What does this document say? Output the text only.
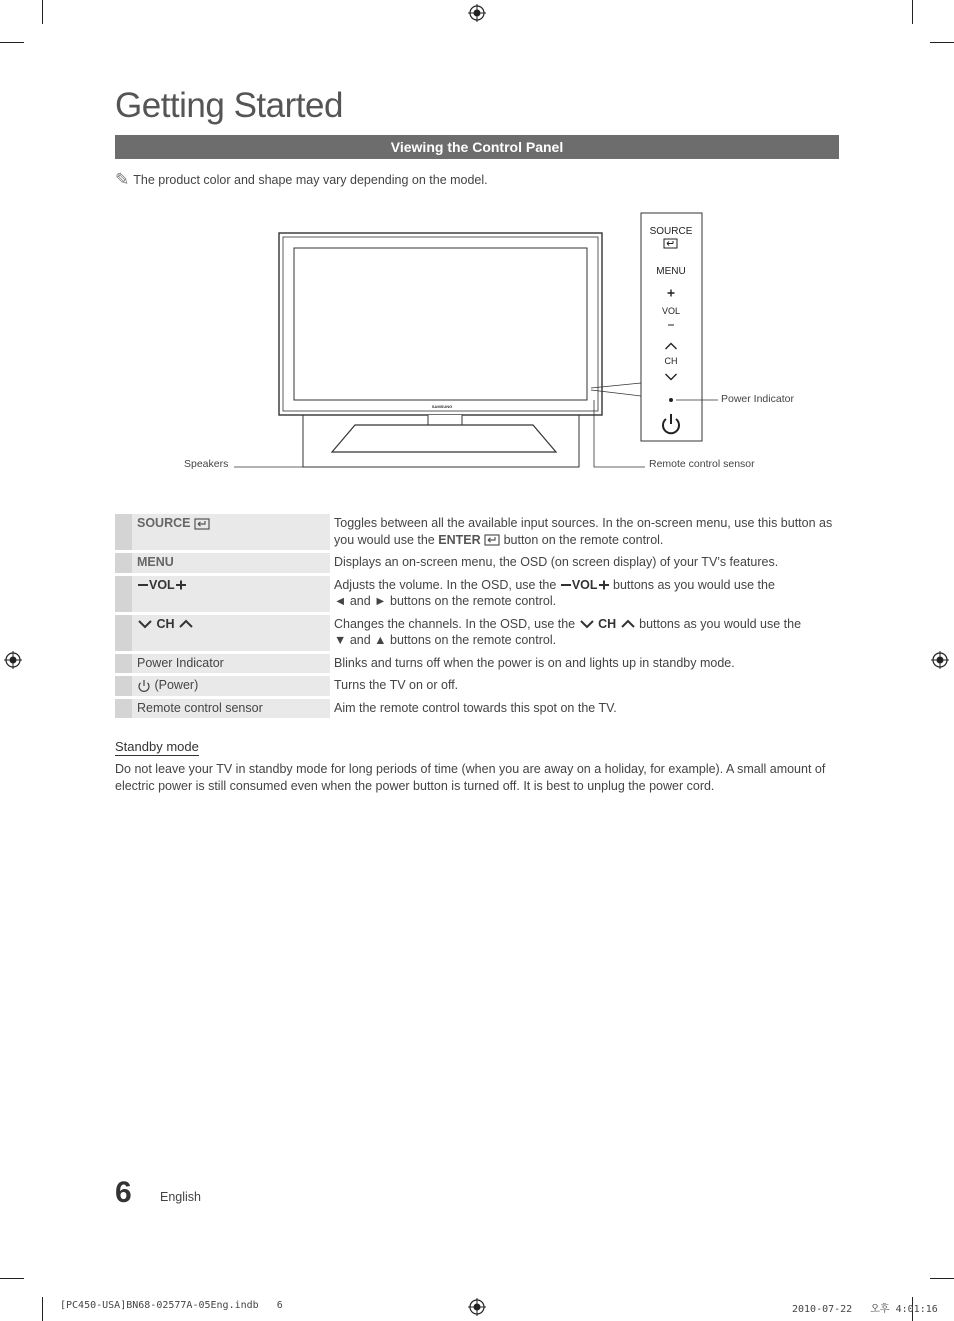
Getting Started
Viewing the Control Panel
✎ The product color and shape may vary depending on the model.
SAMSUNG
SOURCE
MENU
VOL
CH
Speakers
Power Indicator
Remote control sensor
	SOURCE	Toggles between all the available input sources. In the on-screen menu, use this button as you would use the ENTER  button on the remote control.
	MENU	Displays an on-screen menu, the OSD (on screen display) of your TV’s features.
	VOL	Adjusts the volume. In the OSD, use the VOL buttons as you would use the
◄ and ► buttons on the remote control.
	CH	Changes the channels. In the OSD, use the  CH  buttons as you would use the
▼ and ▲ buttons on the remote control.
	Power Indicator	Blinks and turns off when the power is on and lights up in standby mode.
	(Power)	Turns the TV on or off.
	Remote control sensor	Aim the remote control towards this spot on the TV.
Standby mode
Do not leave your TV in standby mode for long periods of time (when you are away on a holiday, for example). A small amount of electric power is still consumed even when the power button is turned off. It is best to unplug the power cord.
6 English
[PC450-USA]BN68-02577A-05Eng.indb   6	2010-07-22   오후 4:01:16
